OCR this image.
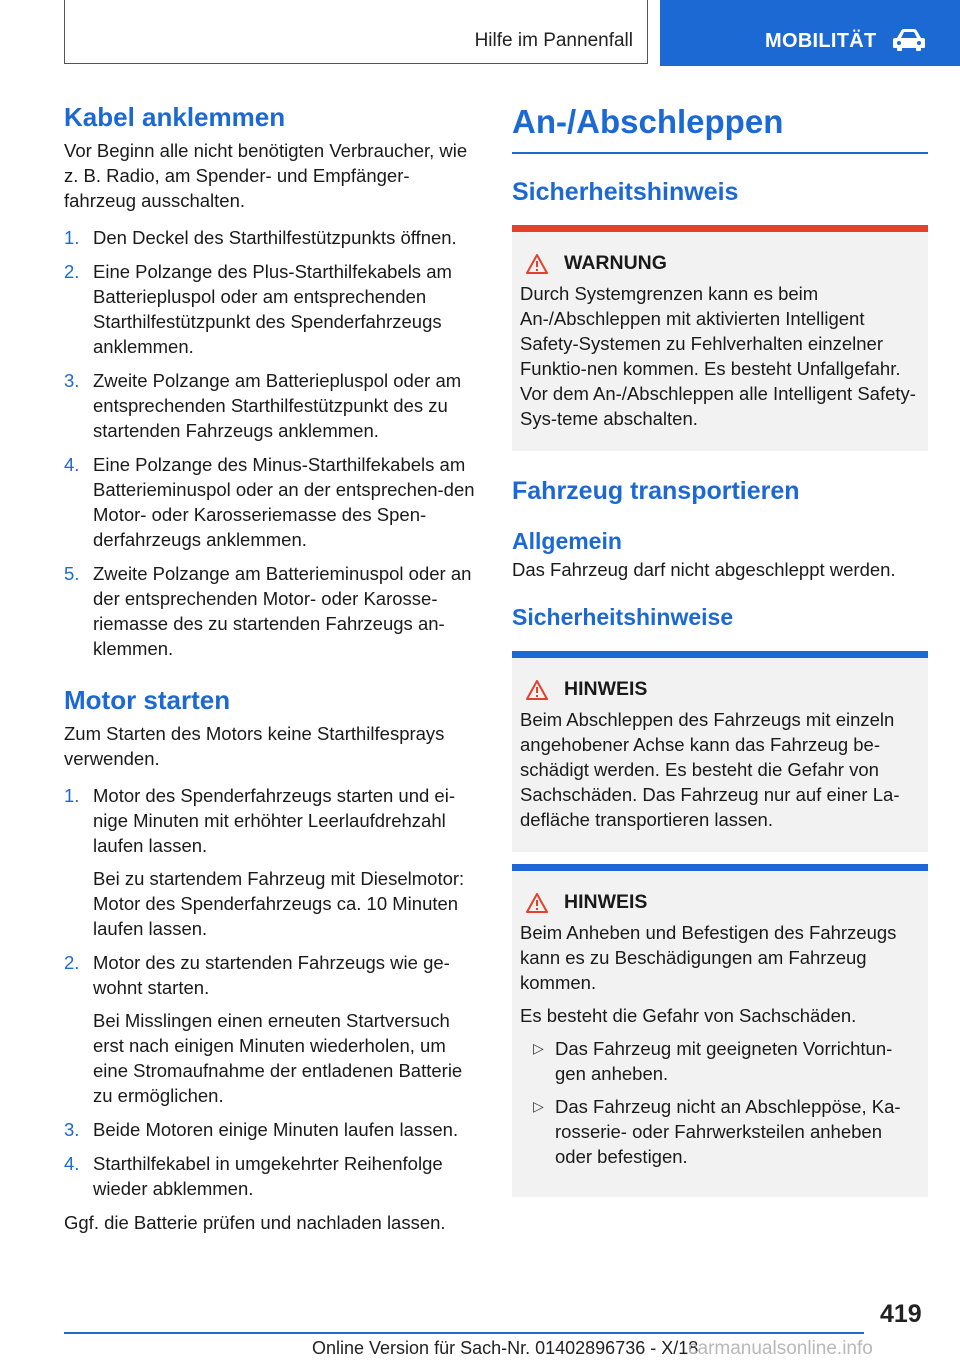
Hilfe im Pannenfall	MOBILITÄT
Kabel anklemmen

Vor Beginn alle nicht benötigten Verbraucher, wie z. B. Radio, am Spender- und Empfänger-fahrzeug ausschalten.

1. Den Deckel des Starthilfestützpunkts öffnen.
2. Eine Polzange des Plus-Starthilfekabels am Batteriepluspol oder am entsprechenden Starthilfestützpunkt des Spenderfahrzeugs anklemmen.
3. Zweite Polzange am Batteriepluspol oder am entsprechenden Starthilfestützpunkt des zu startenden Fahrzeugs anklemmen.
4. Eine Polzange des Minus-Starthilfekabels am Batterieminuspol oder an der entsprechen-den Motor- oder Karosseriemasse des Spen-derfahrzeugs anklemmen.
5. Zweite Polzange am Batterieminuspol oder an der entsprechenden Motor- oder Karosse-riemasse des zu startenden Fahrzeugs an-klemmen.
Motor starten

Zum Starten des Motors keine Starthilfesprays verwenden.

1. Motor des Spenderfahrzeugs starten und ei-nige Minuten mit erhöhter Leerlaufdrehzahl laufen lassen.
Bei zu startendem Fahrzeug mit Dieselmotor: Motor des Spenderfahrzeugs ca. 10 Minuten laufen lassen.
2. Motor des zu startenden Fahrzeugs wie ge-wohnt starten.
Bei Misslingen einen erneuten Startversuch erst nach einigen Minuten wiederholen, um eine Stromaufnahme der entladenen Batterie zu ermöglichen.
3. Beide Motoren einige Minuten laufen lassen.
4. Starthilfekabel in umgekehrter Reihenfolge wieder abklemmen.

Ggf. die Batterie prüfen und nachladen lassen.

An-/Abschleppen
Sicherheitshinweis
WARNUNG

Durch Systemgrenzen kann es beim An-/Abschleppen mit aktivierten Intelligent Safety-Systemen zu Fehlverhalten einzelner Funktio-nen kommen. Es besteht Unfallgefahr. Vor dem An-/Abschleppen alle Intelligent Safety-Sys-teme abschalten.

Fahrzeug transportieren
Allgemein

Das Fahrzeug darf nicht abgeschleppt werden.

Sicherheitshinweise
HINWEIS

Beim Abschleppen des Fahrzeugs mit einzeln angehobener Achse kann das Fahrzeug be-schädigt werden. Es besteht die Gefahr von Sachschäden. Das Fahrzeug nur auf einer La-defläche transportieren lassen.

HINWEIS

Beim Anheben und Befestigen des Fahrzeugs kann es zu Beschädigungen am Fahrzeug kommen.

Es besteht die Gefahr von Sachschäden.

▷ Das Fahrzeug mit geeigneten Vorrichtun-gen anheben.
▷ Das Fahrzeug nicht an Abschleppöse, Ka-rosserie- oder Fahrwerksteilen anheben oder befestigen.
419
Online Version für Sach-Nr. 01402896736 - X/18
carmanualsonline.info
